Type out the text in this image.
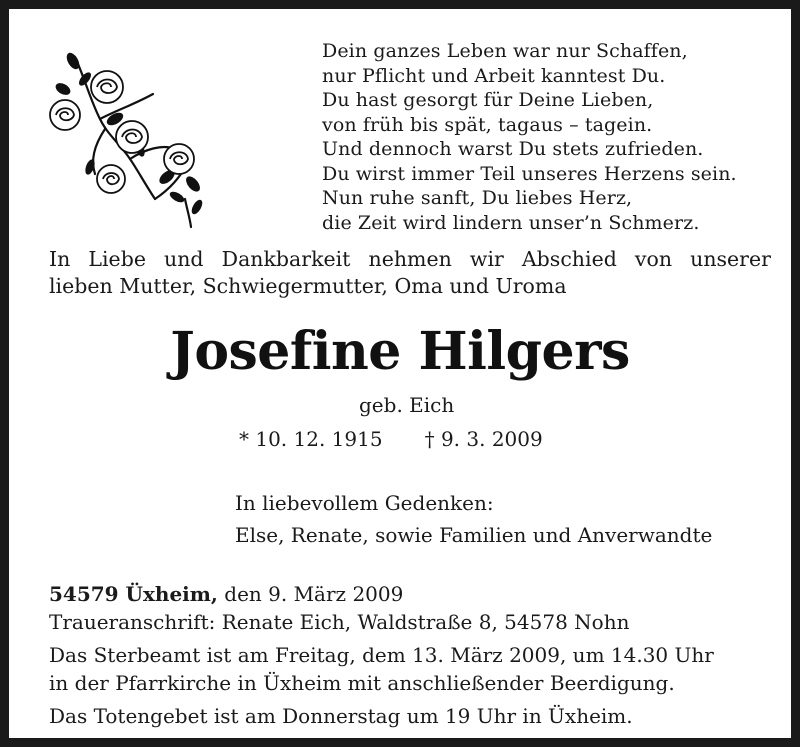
Dein ganzes Leben war nur Schaffen,
nur Pflicht und Arbeit kanntest Du.
Du hast gesorgt für Deine Lieben,
von früh bis spät, tagaus – tagein.
Und dennoch warst Du stets zufrieden.
Du wirst immer Teil unseres Herzens sein.
Nun ruhe sanft, Du liebes Herz,
die Zeit wird lindern unser’n Schmerz.
In Liebe und Dankbarkeit nehmen wir Abschied von unserer
lieben Mutter, Schwiegermutter, Oma und Uroma
Josefine Hilgers
geb. Eich
* 10. 12. 1915 † 9. 3. 2009
In liebevollem Gedenken:
Else, Renate, sowie Familien und Anverwandte
54579 Üxheim, den 9. März 2009
Traueranschrift: Renate Eich, Waldstraße 8, 54578 Nohn
Das Sterbeamt ist am Freitag, dem 13. März 2009, um 14.30 Uhr
in der Pfarrkirche in Üxheim mit anschließender Beerdigung.
Das Totengebet ist am Donnerstag um 19 Uhr in Üxheim.
